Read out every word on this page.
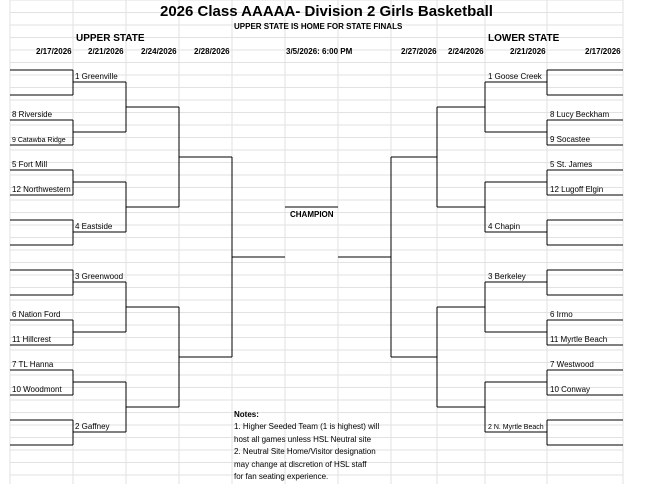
2026 Class AAAAA- Division 2 Girls Basketball
UPPER STATE IS HOME FOR STATE FINALS
UPPER STATE	LOWER STATE
2/17/2026 2/21/2026 2/24/2026 2/28/2026	3/5/2026: 6:00 PM	2/27/2026 2/24/2026	2/21/2026	2/17/2026
1 Greenville
8 Riverside
9 Catawba Ridge
5 Fort Mill
12 Northwestern
4 Eastside
3 Greenwood
6 Nation Ford
11 Hillcrest
7 TL Hanna
10 Woodmont
2 Gaffney
1 Goose Creek
8 Lucy Beckham
9 Socastee
5 St. James
12 Lugoff Elgin
4 Chapin
3 Berkeley
6 Irmo
11 Myrtle Beach
7 Westwood
10 Conway
2 N. Myrtle Beach
CHAMPION
Notes:
1. Higher Seeded Team (1 is highest) will
host all games unless HSL Neutral site
2. Neutral Site Home/Visitor designation
may change at discretion of HSL staff
for fan seating experience.
